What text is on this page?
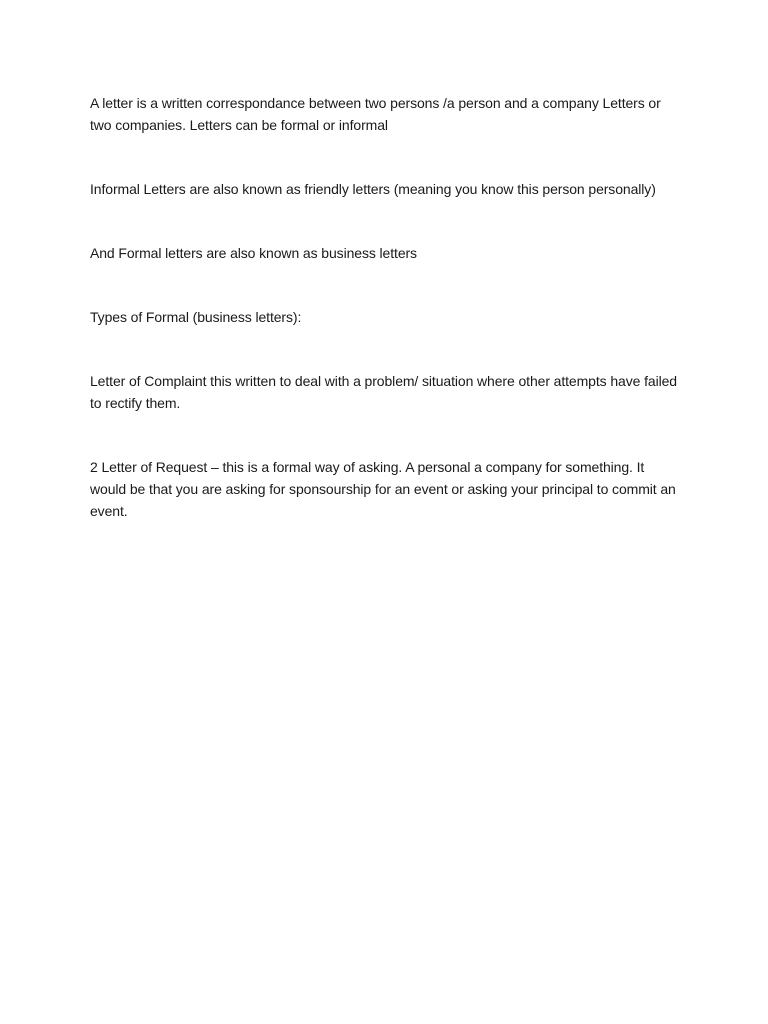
A letter is a written correspondance between two persons /a person and a company Letters or two companies. Letters can be formal or informal

Informal Letters are also known as friendly letters (meaning you know this person personally)

And Formal letters are also known as business letters

Types of Formal (business letters):

Letter of Complaint this written to deal with a problem/ situation where other attempts have failed to rectify them.

2 Letter of Request – this is a formal way of asking. A personal a company for something. It would be that you are asking for sponsourship for an event or asking your principal to commit an event.
